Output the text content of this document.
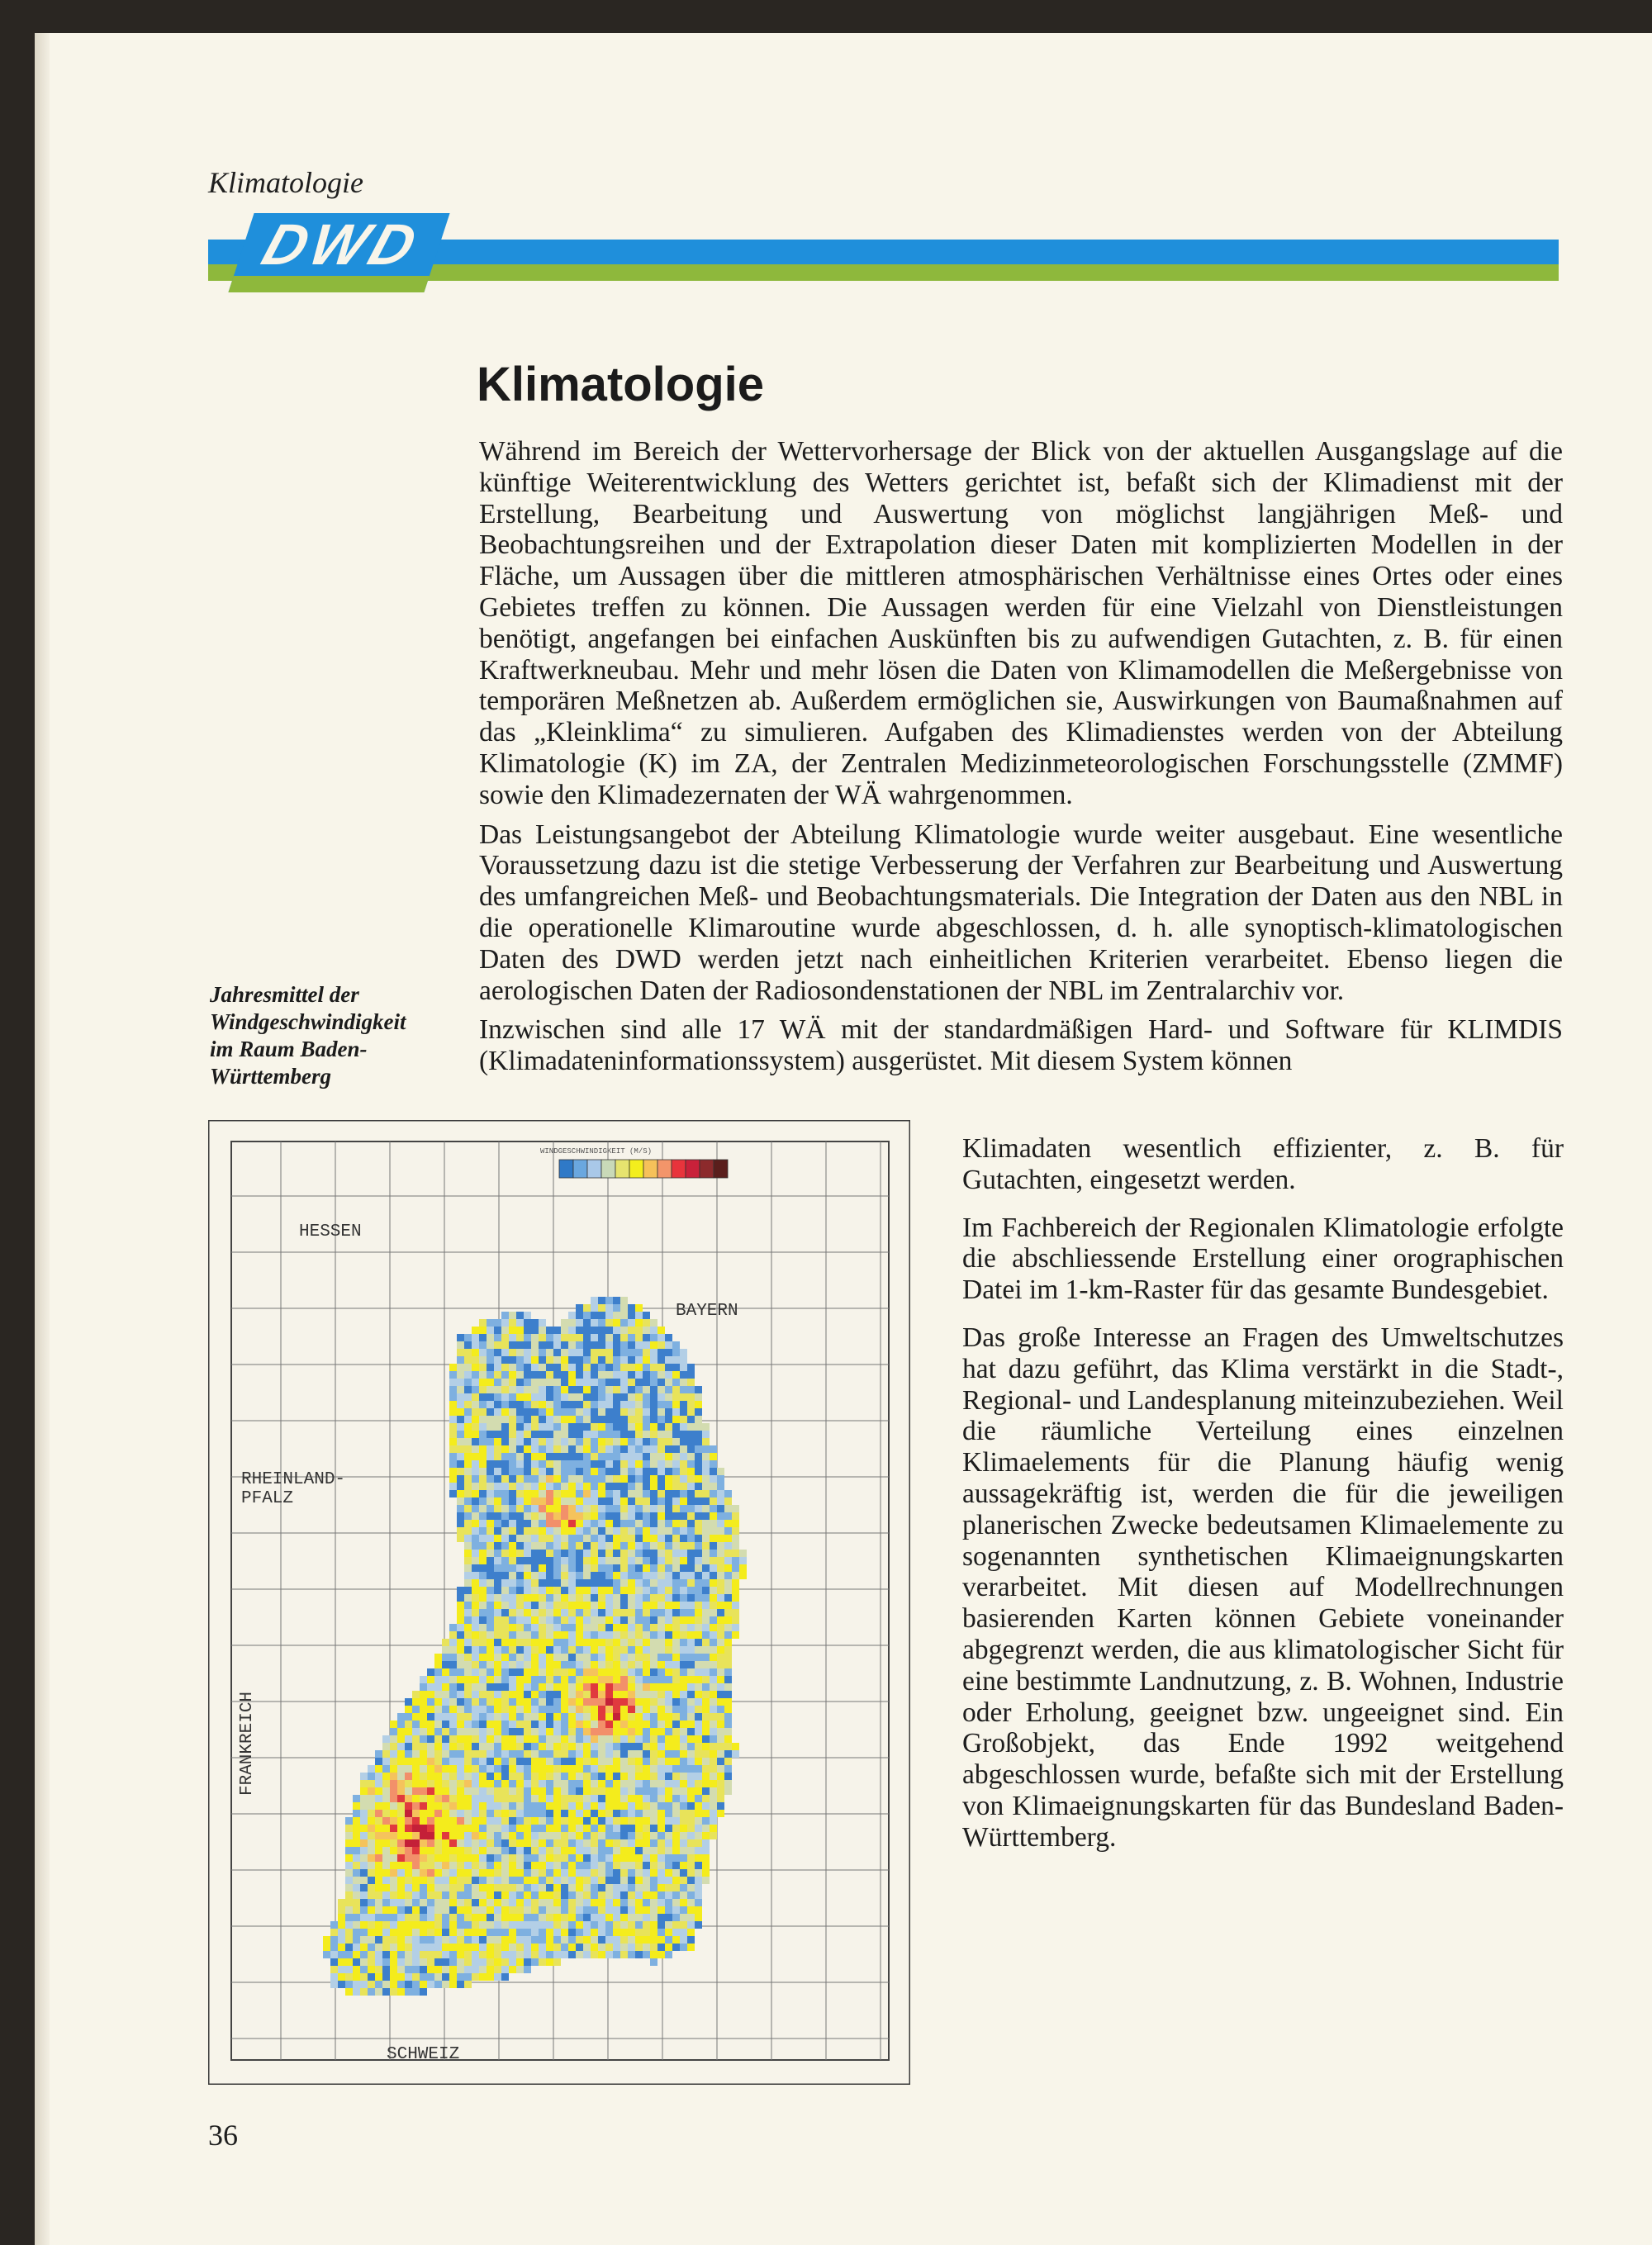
Klimatologie
DWD
Klimatologie

Während im Bereich der Wettervorhersage der Blick von der aktuellen Ausgangslage auf die künftige Weiterentwicklung des Wetters gerichtet ist, befaßt sich der Klimadienst mit der Erstellung, Bearbeitung und Auswertung von möglichst langjährigen Meß- und Beobachtungsreihen und der Extrapolation dieser Daten mit komplizierten Modellen in der Fläche, um Aussagen über die mittleren atmosphärischen Verhältnisse eines Ortes oder eines Gebietes treffen zu können. Die Aussagen werden für eine Vielzahl von Dienstleistungen benötigt, angefangen bei einfachen Auskünften bis zu aufwendigen Gutachten, z. B. für einen Kraftwerkneubau. Mehr und mehr lösen die Daten von Klimamodellen die Meßergebnisse von temporären Meßnetzen ab. Außerdem ermöglichen sie, Auswirkungen von Baumaßnahmen auf das „Kleinklima“ zu simulieren. Aufgaben des Klimadienstes werden von der Abteilung Klimatologie (K) im ZA, der Zentralen Medizinmeteorologischen Forschungsstelle (ZMMF) sowie den Klimadezernaten der WÄ wahrgenommen.

Das Leistungsangebot der Abteilung Klimatologie wurde weiter ausgebaut. Eine wesentliche Voraussetzung dazu ist die stetige Verbesserung der Verfahren zur Bearbeitung und Auswertung des umfangreichen Meß- und Beobachtungsmaterials. Die Integration der Daten aus den NBL in die operationelle Klimaroutine wurde abgeschlossen, d. h. alle synoptisch-klimatologischen Daten des DWD werden jetzt nach einheitlichen Kriterien verarbeitet. Ebenso liegen die aerologischen Daten der Radiosondenstationen der NBL im Zentralarchiv vor.

Inzwischen sind alle 17 WÄ mit der standardmäßigen Hard- und Software für KLIMDIS (Klimadateninformationssystem) ausgerüstet. Mit diesem System können

Jahresmittel der Windgeschwindigkeit im Raum Baden-Württemberg
WINDGESCHWINDIGKEIT (M/S)
HESSEN
BAYERN
RHEINLAND-
PFALZ
FRANKREICH
SCHWEIZ

Klimadaten wesentlich effizienter, z. B. für Gutachten, eingesetzt werden.

Im Fachbereich der Regionalen Klimatologie erfolgte die abschliessende Erstellung einer orographischen Datei im 1-km-Raster für das gesamte Bundesgebiet.

Das große Interesse an Fragen des Umweltschutzes hat dazu geführt, das Klima verstärkt in die Stadt-, Regional- und Landesplanung miteinzubeziehen. Weil die räumliche Verteilung eines einzelnen Klimaelements für die Planung häufig wenig aussagekräftig ist, werden die für die jeweiligen planerischen Zwecke bedeutsamen Klimaelemente zu sogenannten synthetischen Klimaeignungskarten verarbeitet. Mit diesen auf Modellrechnungen basierenden Karten können Gebiete voneinander abgegrenzt werden, die aus klimatologischer Sicht für eine bestimmte Landnutzung, z. B. Wohnen, Industrie oder Erholung, geeignet bzw. ungeeignet sind. Ein Großobjekt, das Ende 1992 weitgehend abgeschlossen wurde, befaßte sich mit der Erstellung von Klimaeignungskarten für das Bundesland Baden-Württemberg.

36
